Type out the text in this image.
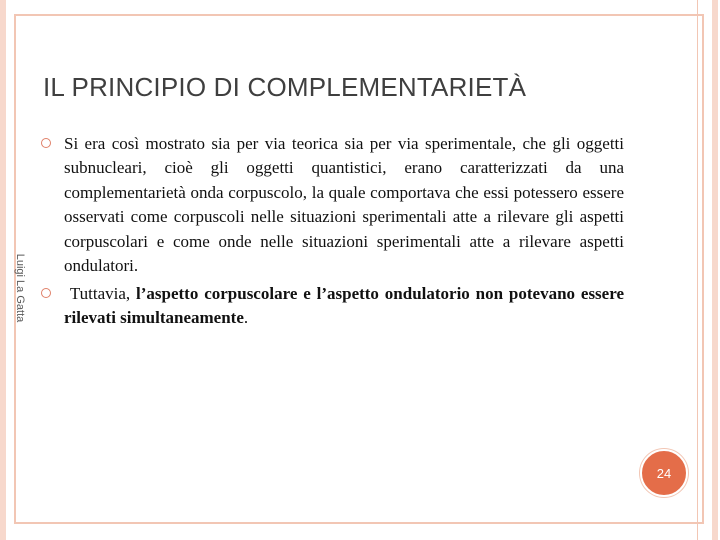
IL PRINCIPIO DI COMPLEMENTARIETÀ
Luigi La Gatta

Si era così mostrato sia per via teorica sia per via sperimentale, che gli oggetti subnucleari, cioè gli oggetti quantistici, erano caratterizzati da una complementarietà onda corpuscolo, la quale comportava che essi potessero essere osservati come corpuscoli nelle situazioni sperimentali atte a rilevare gli aspetti corpuscolari e come onde nelle situazioni sperimentali atte a rilevare aspetti ondulatori.

Tuttavia, l’aspetto corpuscolare e l’aspetto ondulatorio non potevano essere rilevati simultaneamente.

24
